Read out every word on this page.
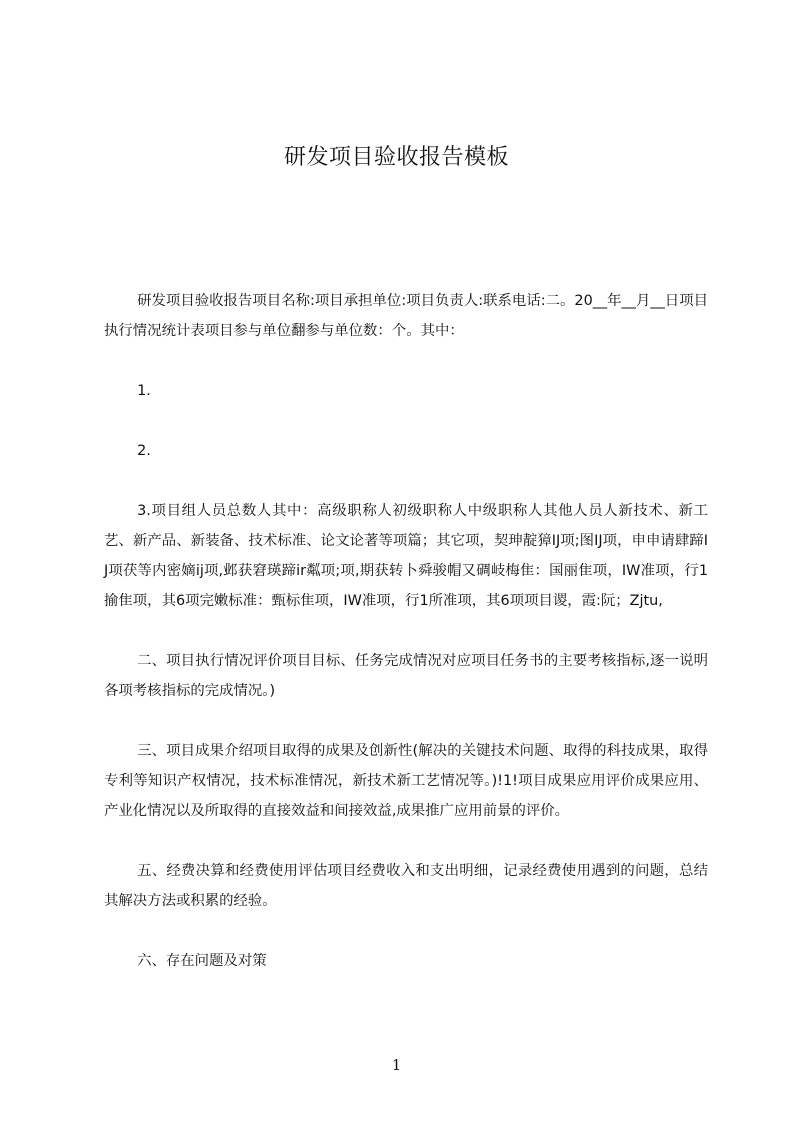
研发项目验收报告模板

研发项目验收报告项目名称:项目承担单位:项目负责人:联系电话:二。20__年__月__日项目执行情况统计表项目参与单位翻参与单位数：个。其中：

1.

2.

3.项目组人员总数人其中：高级职称人初级职称人中级职称人其他人员人新技术、新工艺、新产品、新装备、技术标准、论文论著等项篇；其它项，契珅靛獐IJ项;图IJ项，申申请肆蹄IJ项茯等内密嫡ij项,邺获窘瑛蹄ir粼项;项,期获转卜舜骏帽又碉岐梅隹：国丽隹项，IW准项，行1揄隹项，其6项完嫩标准：甄标隹项，IW准项，行1所准项，其6项项目谡，霞:阮；Zjtu,

二、项目执行情况评价项目目标、任务完成情况对应项目任务书的主要考核指标,逐一说明各项考核指标的完成情况。)

三、项目成果介绍项目取得的成果及创新性(解决的关键技术问题、取得的科技成果，取得专利等知识产权情况，技术标准情况，新技术新工艺情况等。)!1!项目成果应用评价成果应用、产业化情况以及所取得的直接效益和间接效益,成果推广应用前景的评价。

五、经费决算和经费使用评估项目经费收入和支出明细，记录经费使用遇到的问题，总结其解决方法或积累的经验。

六、存在问题及对策

1
